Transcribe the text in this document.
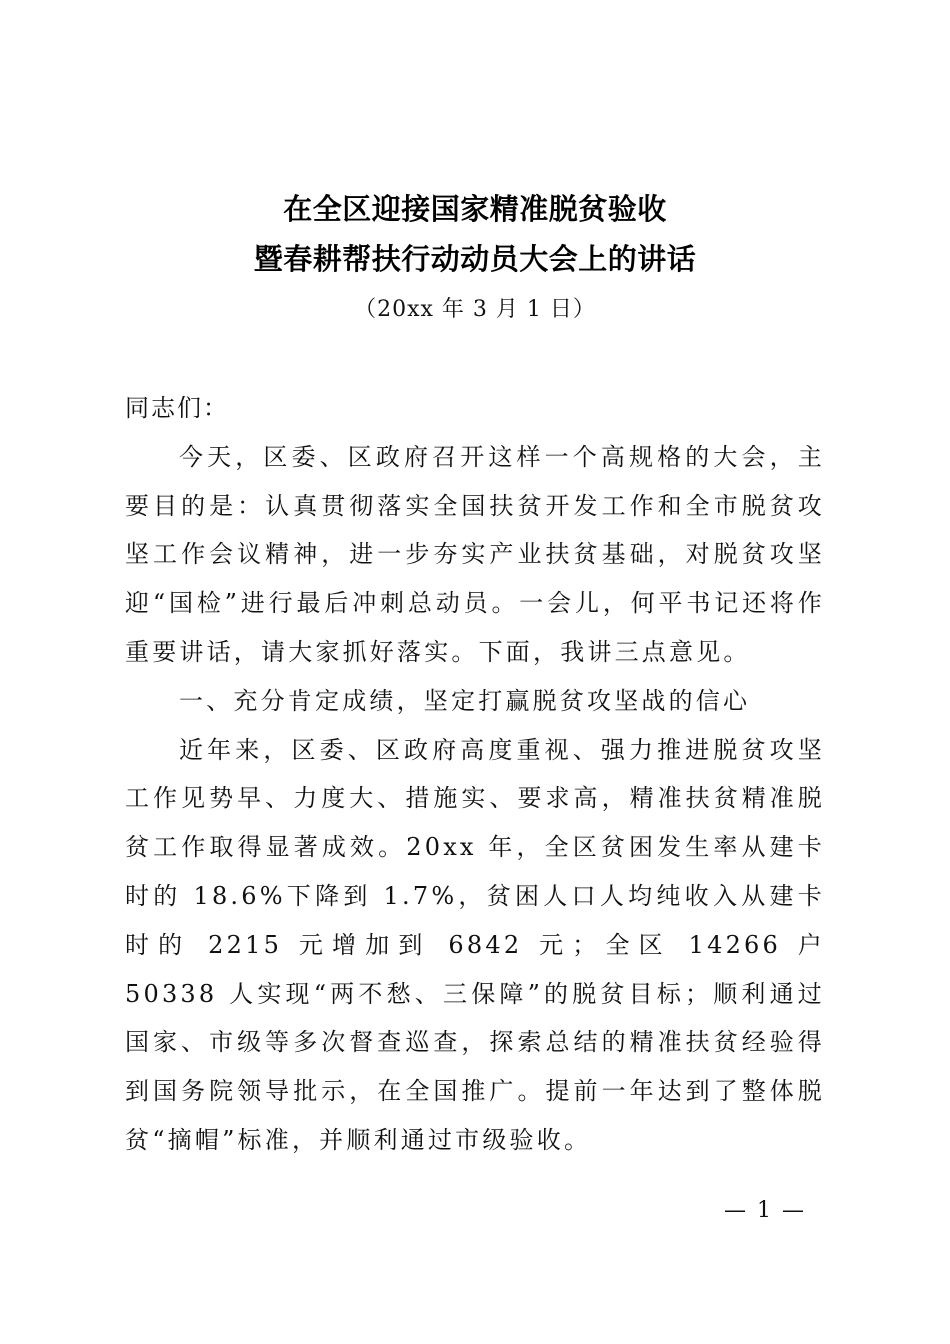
在全区迎接国家精准脱贫验收
暨春耕帮扶行动动员大会上的讲话
（20xx 年 3 月 1 日）

同志们：

今天，区委、区政府召开这样一个高规格的大会，主要目的是：认真贯彻落实全国扶贫开发工作和全市脱贫攻坚工作会议精神，进一步夯实产业扶贫基础，对脱贫攻坚迎“国检”进行最后冲刺总动员。一会儿，何平书记还将作重要讲话，请大家抓好落实。下面，我讲三点意见。

一、充分肯定成绩，坚定打赢脱贫攻坚战的信心

近年来，区委、区政府高度重视、强力推进脱贫攻坚工作见势早、力度大、措施实、要求高，精准扶贫精准脱贫工作取得显著成效。20xx 年，全区贫困发生率从建卡时的 18.6%下降到 1.7%，贫困人口人均纯收入从建卡时的 2215 元增加到 6842 元；全区 14266 户 50338 人实现“两不愁、三保障”的脱贫目标；顺利通过国家、市级等多次督查巡查，探索总结的精准扶贫经验得到国务院领导批示，在全国推广。提前一年达到了整体脱贫“摘帽”标准，并顺利通过市级验收。

— 1 —
